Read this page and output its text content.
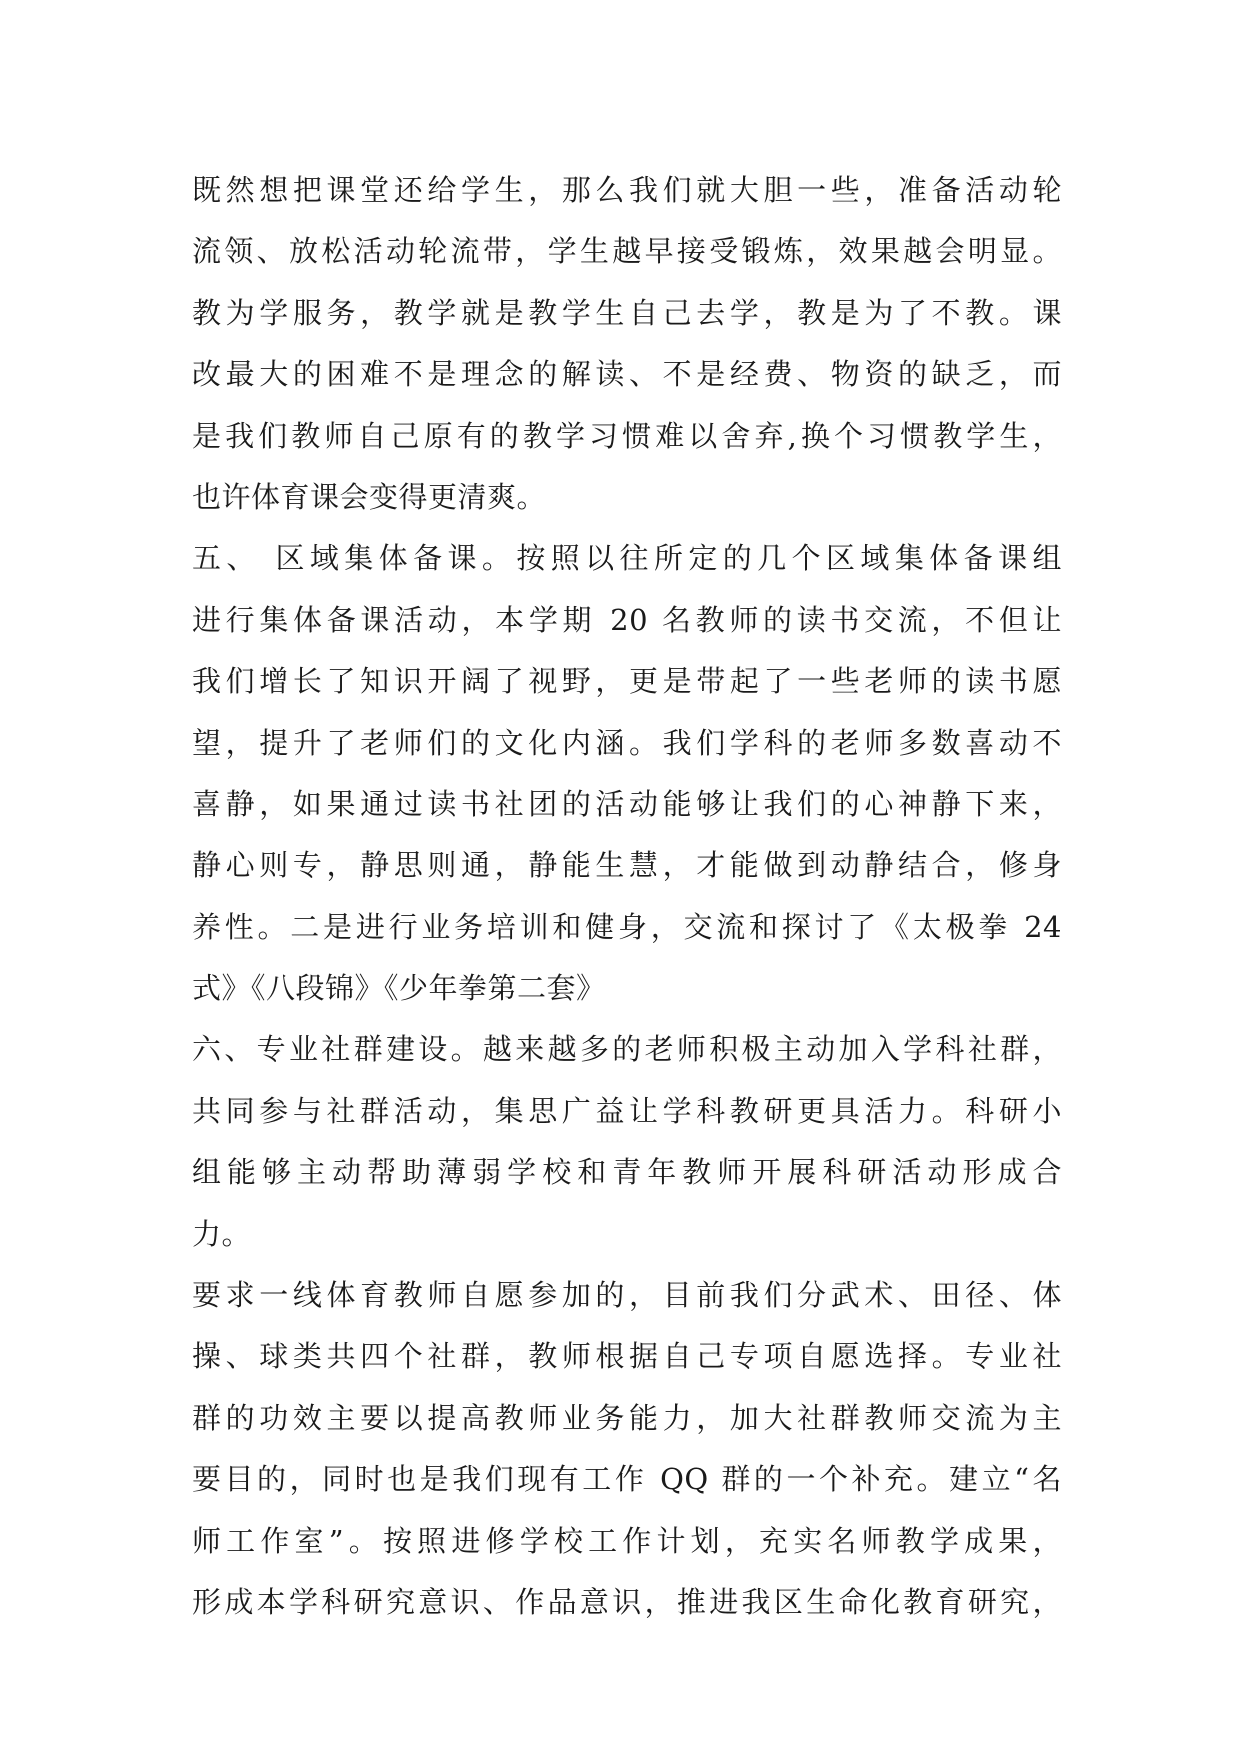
既然想把课堂还给学生，那么我们就大胆一些，准备活动轮
流领、放松活动轮流带，学生越早接受锻炼，效果越会明显。
教为学服务，教学就是教学生自己去学，教是为了不教。课
改最大的困难不是理念的解读、不是经费、物资的缺乏，而
是我们教师自己原有的教学习惯难以舍弃,换个习惯教学生，
也许体育课会变得更清爽。
五、 区域集体备课。按照以往所定的几个区域集体备课组
进行集体备课活动，本学期 20 名教师的读书交流，不但让
我们增长了知识开阔了视野，更是带起了一些老师的读书愿
望，提升了老师们的文化内涵。我们学科的老师多数喜动不
喜静，如果通过读书社团的活动能够让我们的心神静下来，
静心则专，静思则通，静能生慧，才能做到动静结合，修身
养性。二是进行业务培训和健身，交流和探讨了《太极拳 24
式》《八段锦》《少年拳第二套》
六、专业社群建设。越来越多的老师积极主动加入学科社群，
共同参与社群活动，集思广益让学科教研更具活力。科研小
组能够主动帮助薄弱学校和青年教师开展科研活动形成合
力。
要求一线体育教师自愿参加的，目前我们分武术、田径、体
操、球类共四个社群，教师根据自己专项自愿选择。专业社
群的功效主要以提高教师业务能力，加大社群教师交流为主
要目的，同时也是我们现有工作 QQ 群的一个补充。建立“名
师工作室”。按照进修学校工作计划，充实名师教学成果，
形成本学科研究意识、作品意识，推进我区生命化教育研究，
